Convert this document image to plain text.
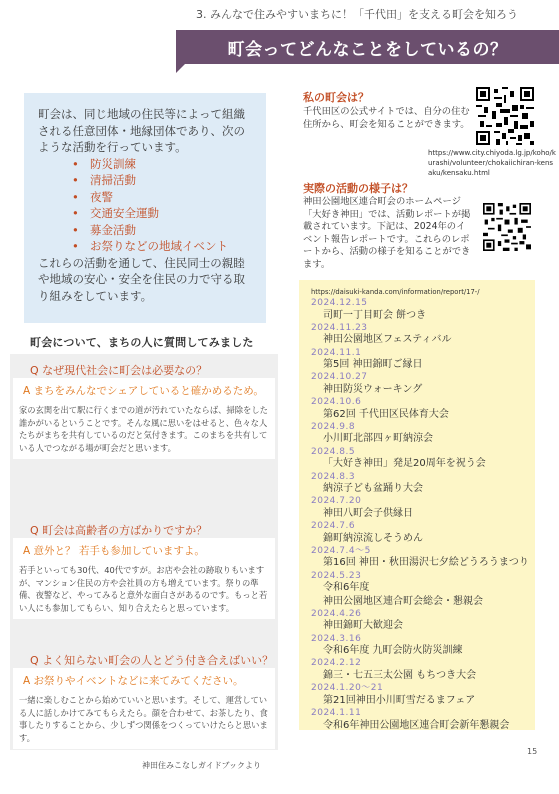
3. みんなで住みやすいまちに！「千代田」を支える町会を知ろう
町会ってどんなことをしているの？

町会は、同じ地域の住民等によって組織される任意団体・地縁団体であり、次のような活動を行っています。

• 防災訓練
• 清掃活動
• 夜警
• 交通安全運動
• 募金活動
• お祭りなどの地域イベント

これらの活動を通して、住民同士の親睦や地域の安心・安全を住民の力で守る取り組みをしています。

町会について、まちの人に質問してみました
Q なぜ現代社会に町会は必要なの？
A まちをみんなでシェアしていると確かめるため。
家の玄関を出て駅に行くまでの道が汚れていたならば、掃除をした誰かがいるということです。そんな風に思いをはせると、色々な人たちがまちを共有しているのだと気付きます。このまちを共有している人でつながる場が町会だと思います。
Q 町会は高齢者の方ばかりですか？
A 意外と？ 若手も参加していますよ。
若手といっても30代、40代ですが。お店や会社の跡取りもいますが、マンション住民の方や会社員の方も増えています。祭りの準備、夜警など、やってみると意外な面白さがあるのです。もっと若い人にも参加してもらい、知り合えたらと思っています。
Q よく知らない町会の人とどう付き合えばいい？
A お祭りやイベントなどに来てみてください。
一緒に楽しむことから始めていいと思います。そして、運営している人に話しかけてみてもらえたら。顔を合わせて、お茶したり、食事したりすることから、少しずつ関係をつくっていけたらと思います。
神田住みこなしガイドブックより
私の町会は？
千代田区の公式サイトでは、自分の住む住所から、町会を知ることができます。
https://www.city.chiyoda.lg.jp/koho/kurashi/volunteer/chokaiichiran-kensaku/kensaku.html
実際の活動の様子は？
神田公園地区連合町会のホームページ「大好き神田」では、活動レポートが掲載されています。下記は、2024年のイベント報告レポートです。これらのレポートから、活動の様子を知ることができます。
https://daisuki-kanda.com/information/report/17-/
2024.12.15
司町一丁目町会 餅つき
2024.11.23
神田公園地区フェスティバル
2024.11.1
第5回 神田錦町ご縁日
2024.10.27
神田防災ウォーキング
2024.10.6
第62回 千代田区民体育大会
2024.9.8
小川町北部四ヶ町納涼会
2024.8.5
「大好き神田」発足20周年を祝う会
2024.8.3
納涼子ども盆踊り大会
2024.7.20
神田八町会子供縁日
2024.7.6
錦町納涼流しそうめん
2024.7.4～5
第16回 神田・秋田湯沢七夕絵どうろうまつり
2024.5.23
令和6年度
神田公園地区連合町会総会・懇親会
2024.4.26
神田錦町大歓迎会
2024.3.16
令和6年度 九町会防火防災訓練
2024.2.12
錦三・七五三太公園 もちつき大会
2024.1.20～21
第21回神田小川町雪だるまフェア
2024.1.11
令和6年神田公園地区連合町会新年懇親会
15
